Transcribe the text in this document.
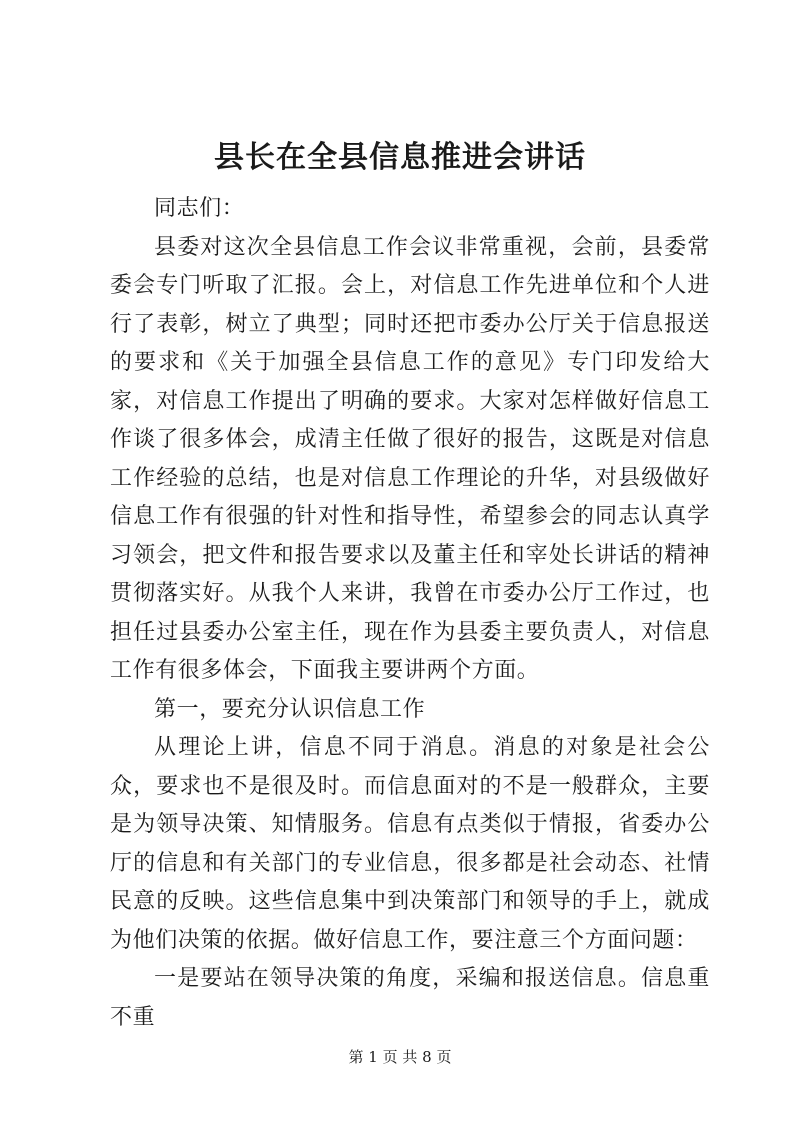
县长在全县信息推进会讲话

同志们：

县委对这次全县信息工作会议非常重视，会前，县委常委会专门听取了汇报。会上，对信息工作先进单位和个人进行了表彰，树立了典型；同时还把市委办公厅关于信息报送的要求和《关于加强全县信息工作的意见》专门印发给大家，对信息工作提出了明确的要求。大家对怎样做好信息工作谈了很多体会，成清主任做了很好的报告，这既是对信息工作经验的总结，也是对信息工作理论的升华，对县级做好信息工作有很强的针对性和指导性，希望参会的同志认真学习领会，把文件和报告要求以及董主任和宰处长讲话的精神贯彻落实好。从我个人来讲，我曾在市委办公厅工作过，也担任过县委办公室主任，现在作为县委主要负责人，对信息工作有很多体会，下面我主要讲两个方面。

第一，要充分认识信息工作

从理论上讲，信息不同于消息。消息的对象是社会公众，要求也不是很及时。而信息面对的不是一般群众，主要是为领导决策、知情服务。信息有点类似于情报，省委办公厅的信息和有关部门的专业信息，很多都是社会动态、社情民意的反映。这些信息集中到决策部门和领导的手上，就成为他们决策的依据。做好信息工作，要注意三个方面问题：

一是要站在领导决策的角度，采编和报送信息。信息重不重

第 1 页 共 8 页
